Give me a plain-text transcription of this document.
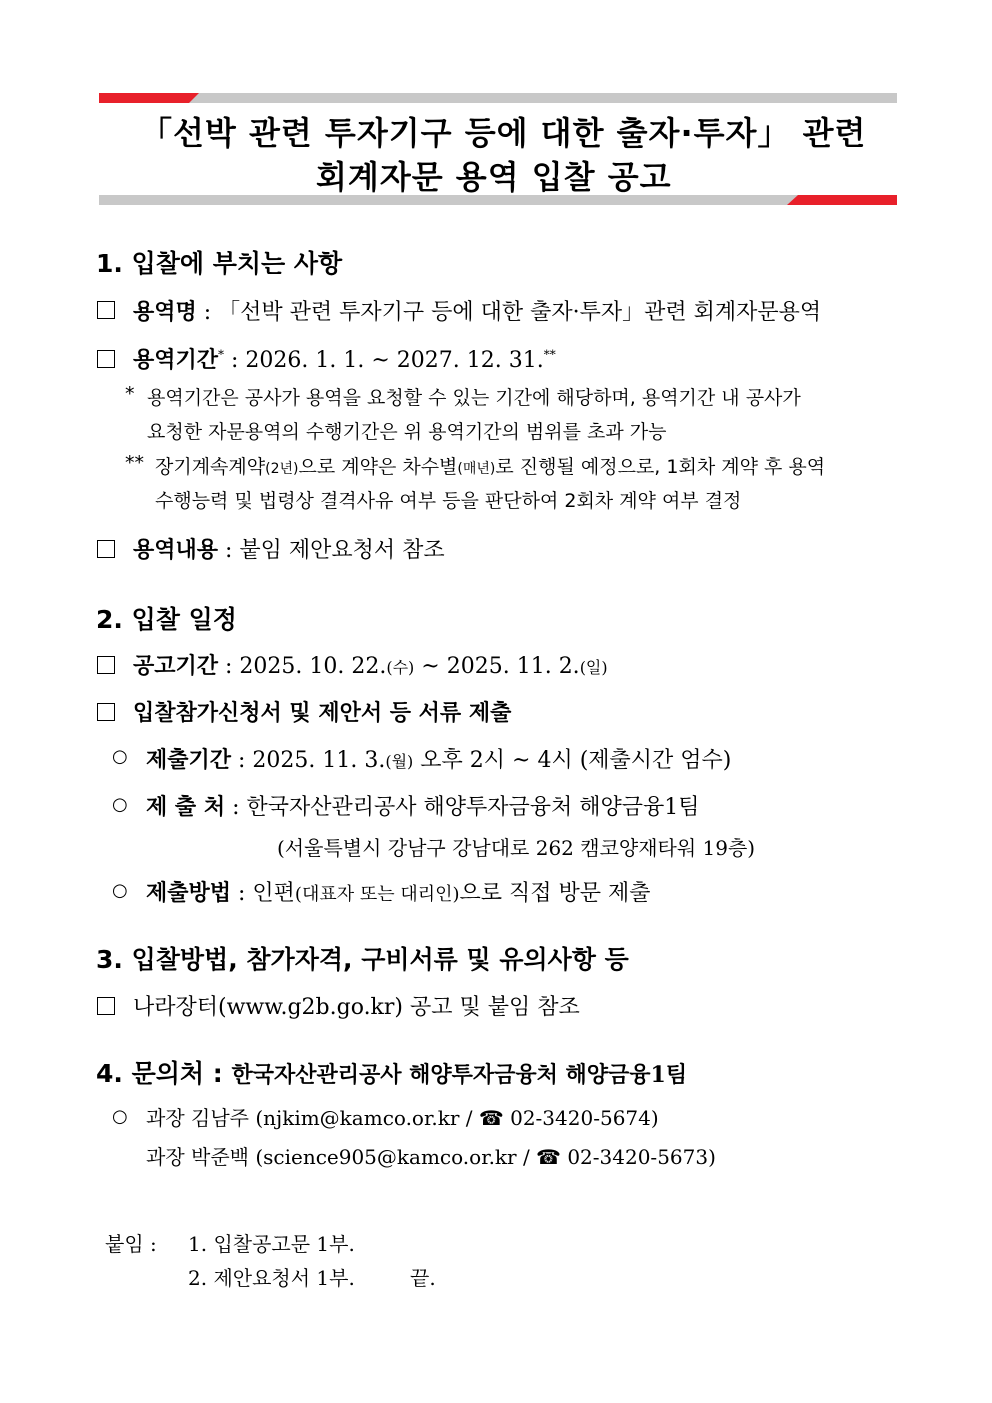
「선박 관련 투자기구 등에 대한 출자·투자」 관련
회계자문 용역 입찰 공고
1. 입찰에 부치는 사항
용역명 : 「선박 관련 투자기구 등에 대한 출자·투자」관련 회계자문용역
용역기간* : 2026. 1. 1. ~ 2027. 12. 31.**
* 용역기간은 공사가 용역을 요청할 수 있는 기간에 해당하며, 용역기간 내 공사가
요청한 자문용역의 수행기간은 위 용역기간의 범위를 초과 가능
** 장기계속계약(2년)으로 계약은 차수별(매년)로 진행될 예정으로, 1회차 계약 후 용역
수행능력 및 법령상 결격사유 여부 등을 판단하여 2회차 계약 여부 결정
용역내용 : 붙임 제안요청서 참조
2. 입찰 일정
공고기간 : 2025. 10. 22.(수) ~ 2025. 11. 2.(일)
입찰참가신청서 및 제안서 등 서류 제출
○ 제출기간 : 2025. 11. 3.(월) 오후 2시 ~ 4시 (제출시간 엄수)
○ 제 출 처 : 한국자산관리공사 해양투자금융처 해양금융1팀
(서울특별시 강남구 강남대로 262 캠코양재타워 19층)
○ 제출방법 : 인편(대표자 또는 대리인)으로 직접 방문 제출
3. 입찰방법, 참가자격, 구비서류 및 유의사항 등
나라장터(www.g2b.go.kr) 공고 및 붙임 참조
4. 문의처 : 한국자산관리공사 해양투자금융처 해양금융1팀
○ 과장 김남주 (njkim@kamco.or.kr / ☎ 02-3420-5674)
과장 박준백 (science905@kamco.or.kr / ☎ 02-3420-5673)
붙임 : 1. 입찰공고문 1부.
2. 제안요청서 1부.	끝.
